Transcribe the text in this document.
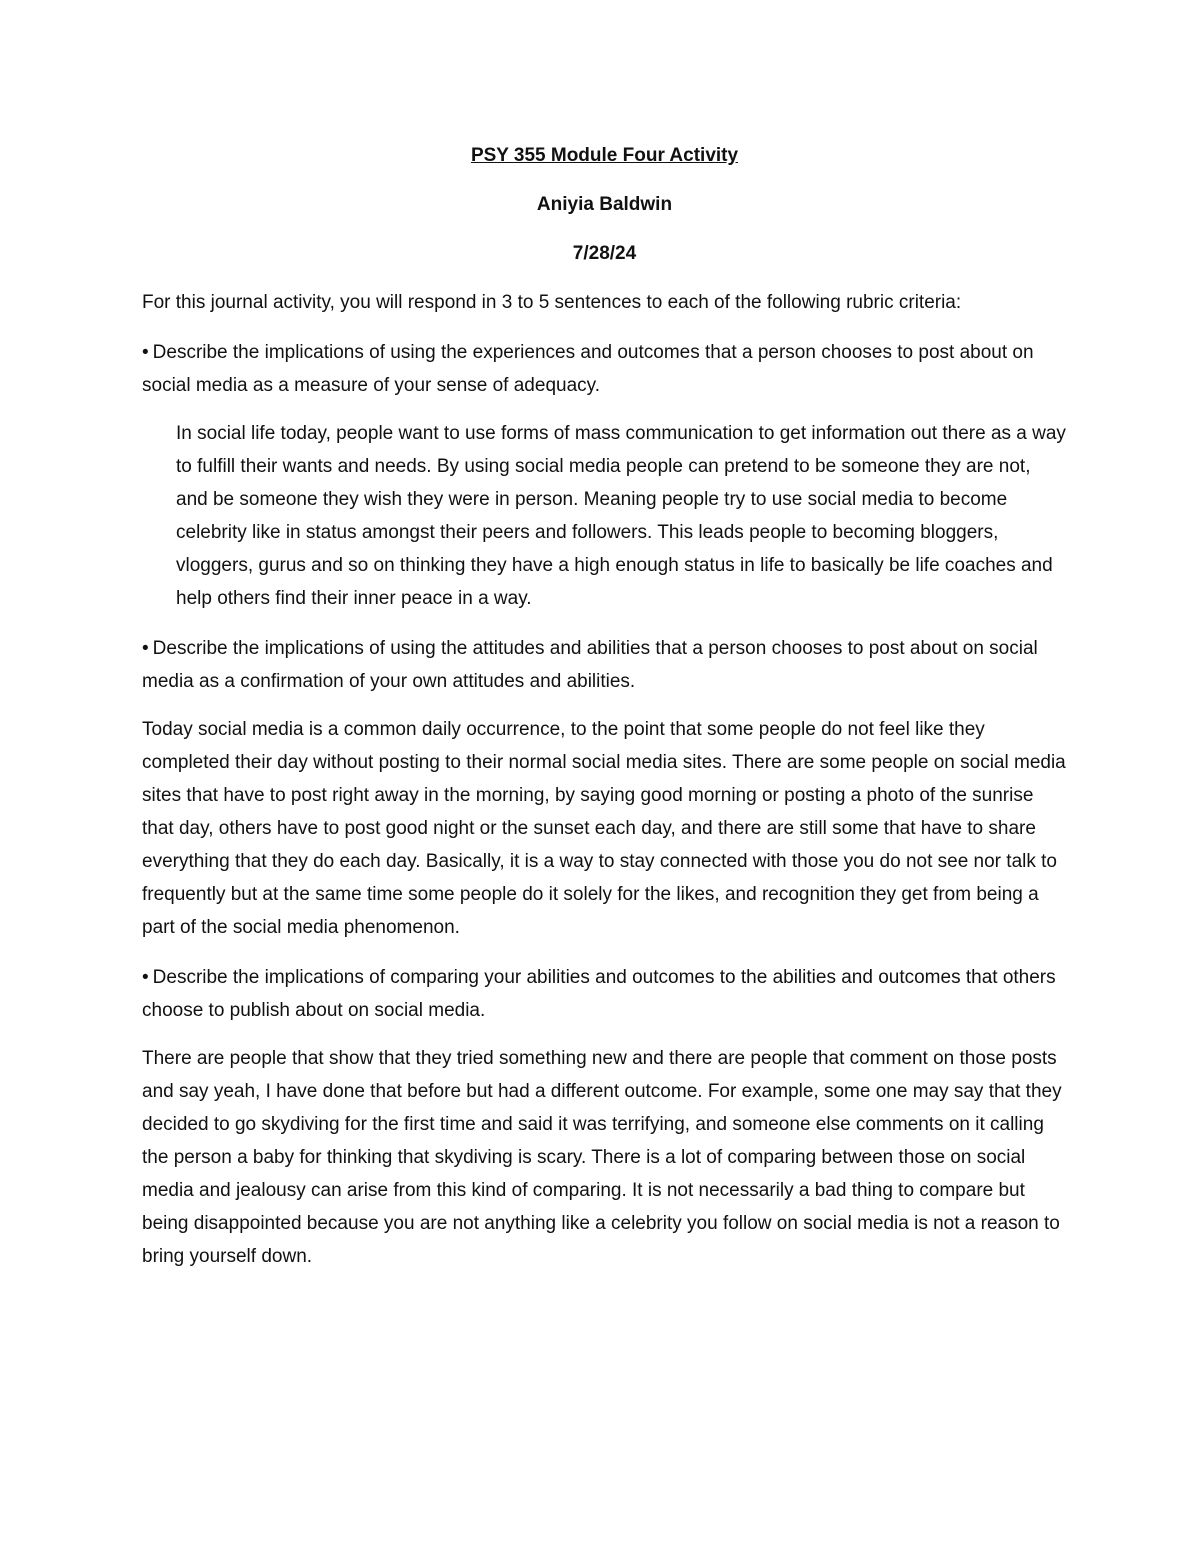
PSY 355 Module Four Activity
Aniyia Baldwin
7/28/24

For this journal activity, you will respond in 3 to 5 sentences to each of the following rubric criteria:

• Describe the implications of using the experiences and outcomes that a person chooses to post about on social media as a measure of your sense of adequacy.

In social life today, people want to use forms of mass communication to get information out there as a way to fulfill their wants and needs. By using social media people can pretend to be someone they are not, and be someone they wish they were in person. Meaning people try to use social media to become celebrity like in status amongst their peers and followers. This leads people to becoming bloggers, vloggers, gurus and so on thinking they have a high enough status in life to basically be life coaches and help others find their inner peace in a way.

• Describe the implications of using the attitudes and abilities that a person chooses to post about on social media as a confirmation of your own attitudes and abilities.

Today social media is a common daily occurrence, to the point that some people do not feel like they completed their day without posting to their normal social media sites. There are some people on social media sites that have to post right away in the morning, by saying good morning or posting a photo of the sunrise that day, others have to post good night or the sunset each day, and there are still some that have to share everything that they do each day. Basically, it is a way to stay connected with those you do not see nor talk to frequently but at the same time some people do it solely for the likes, and recognition they get from being a part of the social media phenomenon.

• Describe the implications of comparing your abilities and outcomes to the abilities and outcomes that others choose to publish about on social media.

There are people that show that they tried something new and there are people that comment on those posts and say yeah, I have done that before but had a different outcome. For example, some one may say that they decided to go skydiving for the first time and said it was terrifying, and someone else comments on it calling the person a baby for thinking that skydiving is scary. There is a lot of comparing between those on social media and jealousy can arise from this kind of comparing. It is not necessarily a bad thing to compare but being disappointed because you are not anything like a celebrity you follow on social media is not a reason to bring yourself down.
